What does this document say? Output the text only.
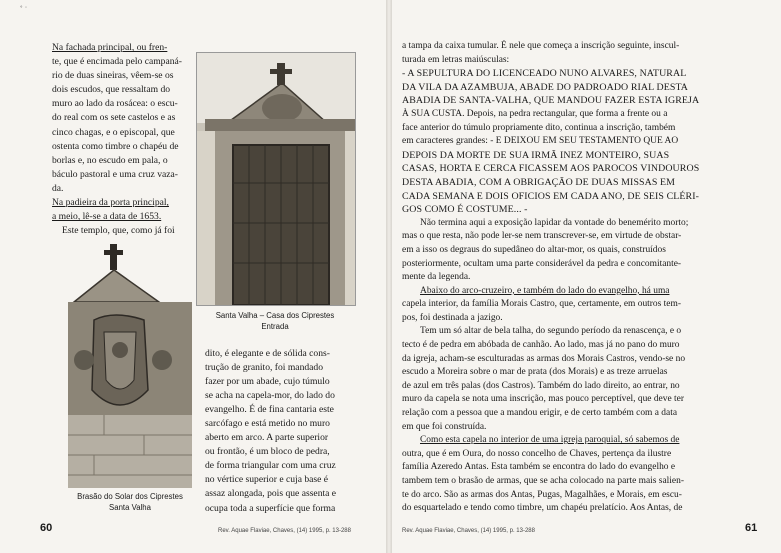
˚ ˙
Na fachada principal, ou fren-
te, que é encimada pelo campaná-
rio de duas sineiras, vêem-se os
dois escudos, que ressaltam do
muro ao lado da rosácea: o escu-
do real com os sete castelos e as
cinco chagas, e o episcopal, que
ostenta como timbre o chapéu de
borlas e, no escudo em pala, o
báculo pastoral e uma cruz vaza-
da.
Na padieira da porta principal,
a meio, lê-se a data de 1653.
Este templo, que, como já foi
Santa Valha – Casa dos Ciprestes
Entrada
Brasão do Solar dos Ciprestes
Santa Valha
dito, é elegante e de sólida cons-
trução de granito, foi mandado
fazer por um abade, cujo túmulo
se acha na capela-mor, do lado do
evangelho. É de fina cantaria este
sarcófago e está metido no muro
aberto em arco. A parte superior
ou frontão, é um bloco de pedra,
de forma triangular com uma cruz
no vértice superior e cuja base é
assaz alongada, pois que assenta e
ocupa toda a superfície que forma
60	Rev. Aquae Flaviae, Chaves, (14) 1995, p. 13-288
a tampa da caixa tumular. É nele que começa a inscrição seguinte, inscul-
turada em letras maiúsculas:
- A SEPULTURA DO LICENCEADO NUNO ALVARES, NATURAL
DA VILA DA AZAMBUJA, ABADE DO PADROADO RIAL DESTA
ABADIA DE SANTA-VALHA, QUE MANDOU FAZER ESTA IGREJA
À SUA CUSTA. Depois, na pedra rectangular, que forma a frente ou a
face anterior do túmulo propriamente dito, continua a inscrição, também
em caracteres grandes: - E DEIXOU EM SEU TESTAMENTO QUE AO
DEPOIS DA MORTE DE SUA IRMÃ INEZ MONTEIRO, SUAS
CASAS, HORTA E CERCA FICASSEM AOS PAROCOS VINDOUROS
DESTA ABADIA, COM A OBRIGAÇÃO DE DUAS MISSAS EM
CADA SEMANA E DOIS OFICIOS EM CADA ANO, DE SEIS CLÉRI-
GOS COMO É COSTUME... -
Não termina aqui a exposição lapidar da vontade do benemérito morto;
mas o que resta, não pode ler-se nem transcrever-se, em virtude de obstar-
em a isso os degraus do supedâneo do altar-mor, os quais, construídos
posteriormente, ocultam uma parte considerável da pedra e concomitante-
mente da legenda.
Abaixo do arco-cruzeiro, e também do lado do evangelho, há uma
capela interior, da família Morais Castro, que, certamente, em outros tem-
pos, foi destinada a jazigo.
Tem um só altar de bela talha, do segundo período da renascença, e o
tecto é de pedra em abóbada de canhão. Ao lado, mas já no pano do muro
da igreja, acham-se esculturadas as armas dos Morais Castros, vendo-se no
escudo a Moreira sobre o mar de prata (dos Morais) e as treze arruelas
de azul em três palas (dos Castros). Também do lado direito, ao entrar, no
muro da capela se nota uma inscrição, mas pouco perceptível, que deve ter
relação com a pessoa que a mandou erigir, e de certo também com a data
em que foi construída.
Como esta capela no interior de uma igreja paroquial, só sabemos de
outra, que é em Oura, do nosso concelho de Chaves, pertença da ilustre
família Azeredo Antas. Esta também se encontra do lado do evangelho e
tambem tem o brasão de armas, que se acha colocado na parte mais salien-
te do arco. São as armas dos Antas, Pugas, Magalhães, e Morais, em escu-
do esquartelado e tendo como timbre, um chapéu prelatício. Aos Antas, de
Rev. Aquae Flaviae, Chaves, (14) 1995, p. 13-288	61
